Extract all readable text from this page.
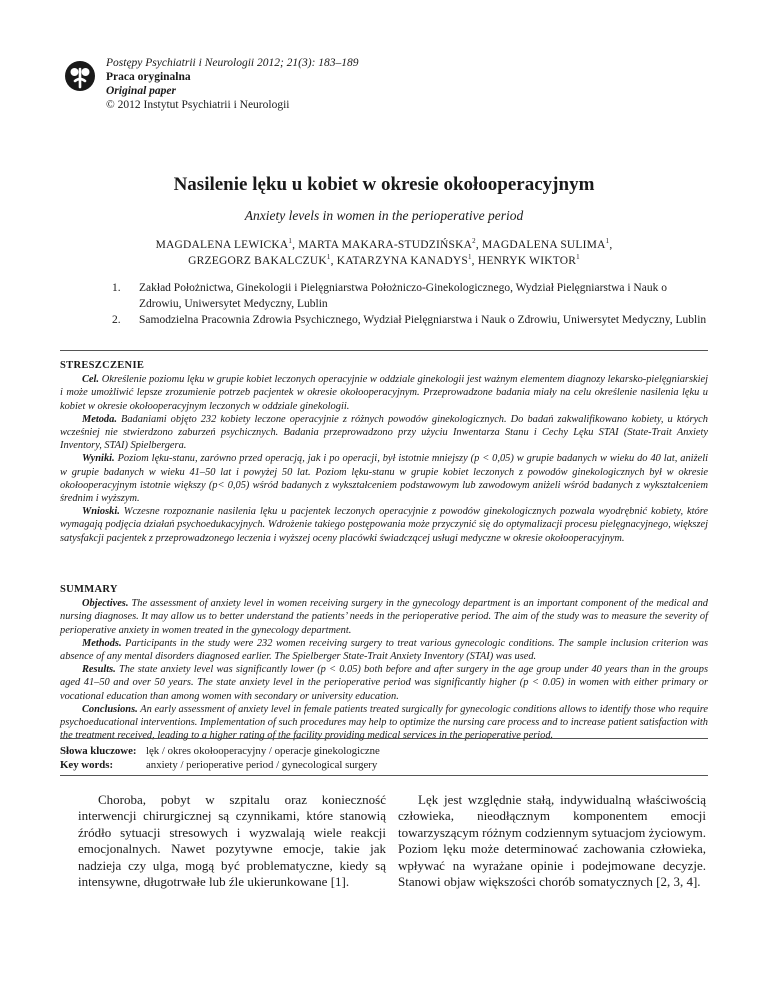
Postępy Psychiatrii i Neurologii 2012; 21(3): 183–189
Praca oryginalna
Original paper
© 2012 Instytut Psychiatrii i Neurologii
Nasilenie lęku u kobiet w okresie okołooperacyjnym
Anxiety levels in women in the perioperative period
MAGDALENA LEWICKA$^1$, MARTA MAKARA-STUDZIŃSKA$^2$, MAGDALENA SULIMA$^1$,
GRZEGORZ BAKALCZUK$^1$, KATARZYNA KANADYS$^1$, HENRYK WIKTOR$^1$
1. Zakład Położnictwa, Ginekologii i Pielęgniarstwa Położniczo-Ginekologicznego, Wydział Pielęgniarstwa i Nauk o Zdrowiu, Uniwersytet Medyczny, Lublin
2. Samodzielna Pracownia Zdrowia Psychicznego, Wydział Pielęgniarstwa i Nauk o Zdrowiu, Uniwersytet Medyczny, Lublin
STRESZCZENIE

Cel. Określenie poziomu lęku w grupie kobiet leczonych operacyjnie w oddziale ginekologii jest ważnym elementem diagnozy lekarsko-pielęgniarskiej i może umożliwić lepsze zrozumienie potrzeb pacjentek w okresie okołooperacyjnym. Przeprowadzone badania miały na celu określenie nasilenia lęku u kobiet w okresie okołooperacyjnym leczonych w oddziale ginekologii.

Metoda. Badaniami objęto 232 kobiety leczone operacyjnie z różnych powodów ginekologicznych. Do badań zakwalifikowano kobiety, u których wcześniej nie stwierdzono zaburzeń psychicznych. Badania przeprowadzono przy użyciu Inwentarza Stanu i Cechy Lęku STAI (State-Trait Anxiety Inventory, STAI) Spielbergera.

Wyniki. Poziom lęku-stanu, zarówno przed operacją, jak i po operacji, był istotnie mniejszy (p < 0,05) w grupie badanych w wieku do 40 lat, aniżeli w grupie badanych w wieku 41–50 lat i powyżej 50 lat. Poziom lęku-stanu w grupie kobiet leczonych z powodów ginekologicznych był w okresie okołooperacyjnym istotnie większy (p< 0,05) wśród badanych z wykształceniem podstawowym lub zawodowym aniżeli wśród badanych z wykształceniem średnim i wyższym.

Wnioski. Wczesne rozpoznanie nasilenia lęku u pacjentek leczonych operacyjnie z powodów ginekologicznych pozwala wyodrębnić kobiety, które wymagają podjęcia działań psychoedukacyjnych. Wdrożenie takiego postępowania może przyczynić się do optymalizacji procesu pielęgnacyjnego, większej satysfakcji pacjentek z przeprowadzonego leczenia i wyższej oceny placówki świadczącej usługi medyczne w okresie okołooperacyjnym.

SUMMARY

Objectives. The assessment of anxiety level in women receiving surgery in the gynecology department is an important component of the medical and nursing diagnoses. It may allow us to better understand the patients’ needs in the perioperative period. The aim of the study was to measure the severity of perioperative anxiety in women treated in the gynecology department.

Methods. Participants in the study were 232 women receiving surgery to treat various gynecologic conditions. The sample inclusion criterion was absence of any mental disorders diagnosed earlier. The Spielberger State-Trait Anxiety Inventory (STAI) was used.

Results. The state anxiety level was significantly lower (p < 0.05) both before and after surgery in the age group under 40 years than in the groups aged 41–50 and over 50 years. The state anxiety level in the perioperative period was significantly higher (p < 0.05) in women with either primary or vocational education than among women with secondary or university education.

Conclusions. An early assessment of anxiety level in female patients treated surgically for gynecologic conditions allows to identify those who require psychoeducational interventions. Implementation of such procedures may help to optimize the nursing care process and to increase patient satisfaction with the treatment received, leading to a higher rating of the facility providing medical services in the perioperative period.

Słowa kluczowe: lęk / okres okołooperacyjny / operacje ginekologiczne
Key words:	anxiety / perioperative period / gynecological surgery

Choroba, pobyt w szpitalu oraz konieczność interwencji chirurgicznej są czynnikami, które stanowią źródło sytuacji stresowych i wyzwalają wiele reakcji emocjonalnych. Nawet pozytywne emocje, takie jak nadzieja czy ulga, mogą być problematyczne, kiedy są intensywne, długotrwałe lub źle ukierunkowane [1].

Lęk jest względnie stałą, indywidualną właściwością człowieka, nieodłącznym komponentem emocji towarzyszącym różnym codziennym sytuacjom życiowym. Poziom lęku może determinować zachowania człowieka, wpływać na wyrażane opinie i podejmowane decyzje. Stanowi objaw większości chorób somatycznych [2, 3, 4].
